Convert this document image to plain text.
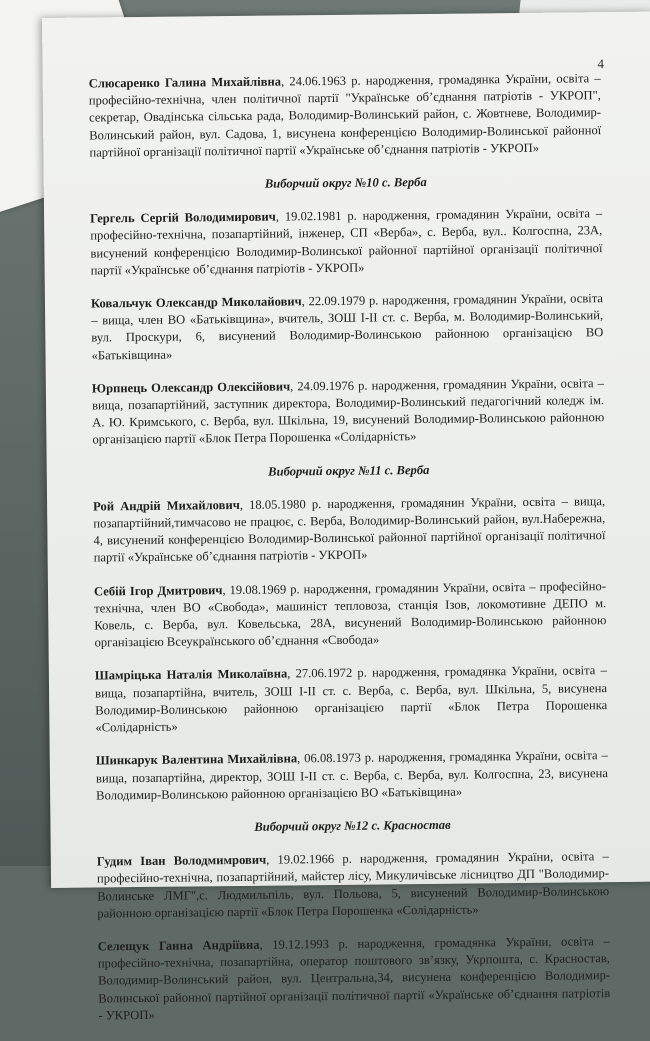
4

Слюсаренко Галина Михайлівна, 24.06.1963 р. народження, громадянка України, освіта – професійно-технічна, член політичної партії "Українське об’єднання патріотів - УКРОП", секретар, Овадінська сільська рада, Володимир-Волинський район, с. Жовтневе, Володимир-Волинський район, вул. Садова, 1, висунена конференцією Володимир-Волинської районної партійної організації політичної партії «Українське об’єднання патріотів - УКРОП»

Виборчий округ №10 с. Верба

Гергель Сергій Володимирович, 19.02.1981 р. народження, громадянин України, освіта – професійно-технічна, позапартійний, інженер, СП «Верба», с. Верба, вул.. Колгоспна, 23А, висунений конференцією Володимир-Волинської районної партійної організації політичної партії «Українське об’єднання патріотів - УКРОП»

Ковальчук Олександр Миколайович, 22.09.1979 р. народження, громадянин України, освіта – вища, член ВО «Батьківщина», вчитель, ЗОШ І-ІІ ст. с. Верба, м. Володимир-Волинський, вул. Проскури, 6, висунений Володимир-Волинською районною організацією ВО «Батьківщина»

Юрпнець Олександр Олексійович, 24.09.1976 р. народження, громадянин України, освіта – вища, позапартійний, заступник директора, Володимир-Волинський педагогічний коледж ім. А. Ю. Кримського, с. Верба, вул. Шкільна, 19, висунений Володимир-Волинською районною організацією партії «Блок Петра Порошенка «Солідарність»

Виборчий округ №11 с. Верба

Рой Андрій Михайлович, 18.05.1980 р. народження, громадянин України, освіта – вища, позапартійний,тимчасово не працює, с. Верба, Володимир-Волинський район, вул.Набережна, 4, висунений конференцією Володимир-Волинської районної партійної організації політичної партії «Українське об’єднання патріотів - УКРОП»

Себій Ігор Дмитрович, 19.08.1969 р. народження, громадянин України, освіта – професійно-технічна, член ВО «Свобода», машиніст тепловоза, станція Ізов, локомотивне ДЕПО м. Ковель, с. Верба, вул. Ковельська, 28А, висунений Володимир-Волинською районною організацією Всеукраїнського об’єднання «Свобода»

Шамріцька Наталія Миколаївна, 27.06.1972 р. народження, громадянка України, освіта – вища, позапартійна, вчитель, ЗОШ І-ІІ ст. с. Верба, с. Верба, вул. Шкільна, 5, висунена Володимир-Волинською районною організацією партії «Блок Петра Порошенка «Солідарність»

Шинкарук Валентина Михайлівна, 06.08.1973 р. народження, громадянка України, освіта – вища, позапартійна, директор, ЗОШ І-ІІ ст. с. Верба, с. Верба, вул. Колгоспна, 23, висунена Володимир-Волинською районною організацією ВО «Батьківщина»

Виборчий округ №12 с. Красностав

Гудим Іван Володмимрович, 19.02.1966 р. народження, громадянин України, освіта – професійно-технічна, позапартійний, майстер лісу, Микуличівське лісництво ДП "Володимир-Волинське ЛМГ",с. Людмильпіль, вул. Польова, 5, висунений Володимир-Волинською районною організацією партії «Блок Петра Порошенка «Солідарність»

Селещук Ганна Андріївна, 19.12.1993 р. народження, громадянка України, освіта – професійно-технічна, позапартійна, оператор поштового зв’язку, Укрпошта, с. Красностав, Володимир-Волинський район, вул. Центральна,34, висунена конференцією Володимир-Волинської районної партійної організації політичної партії «Українське об’єднання патріотів - УКРОП»
